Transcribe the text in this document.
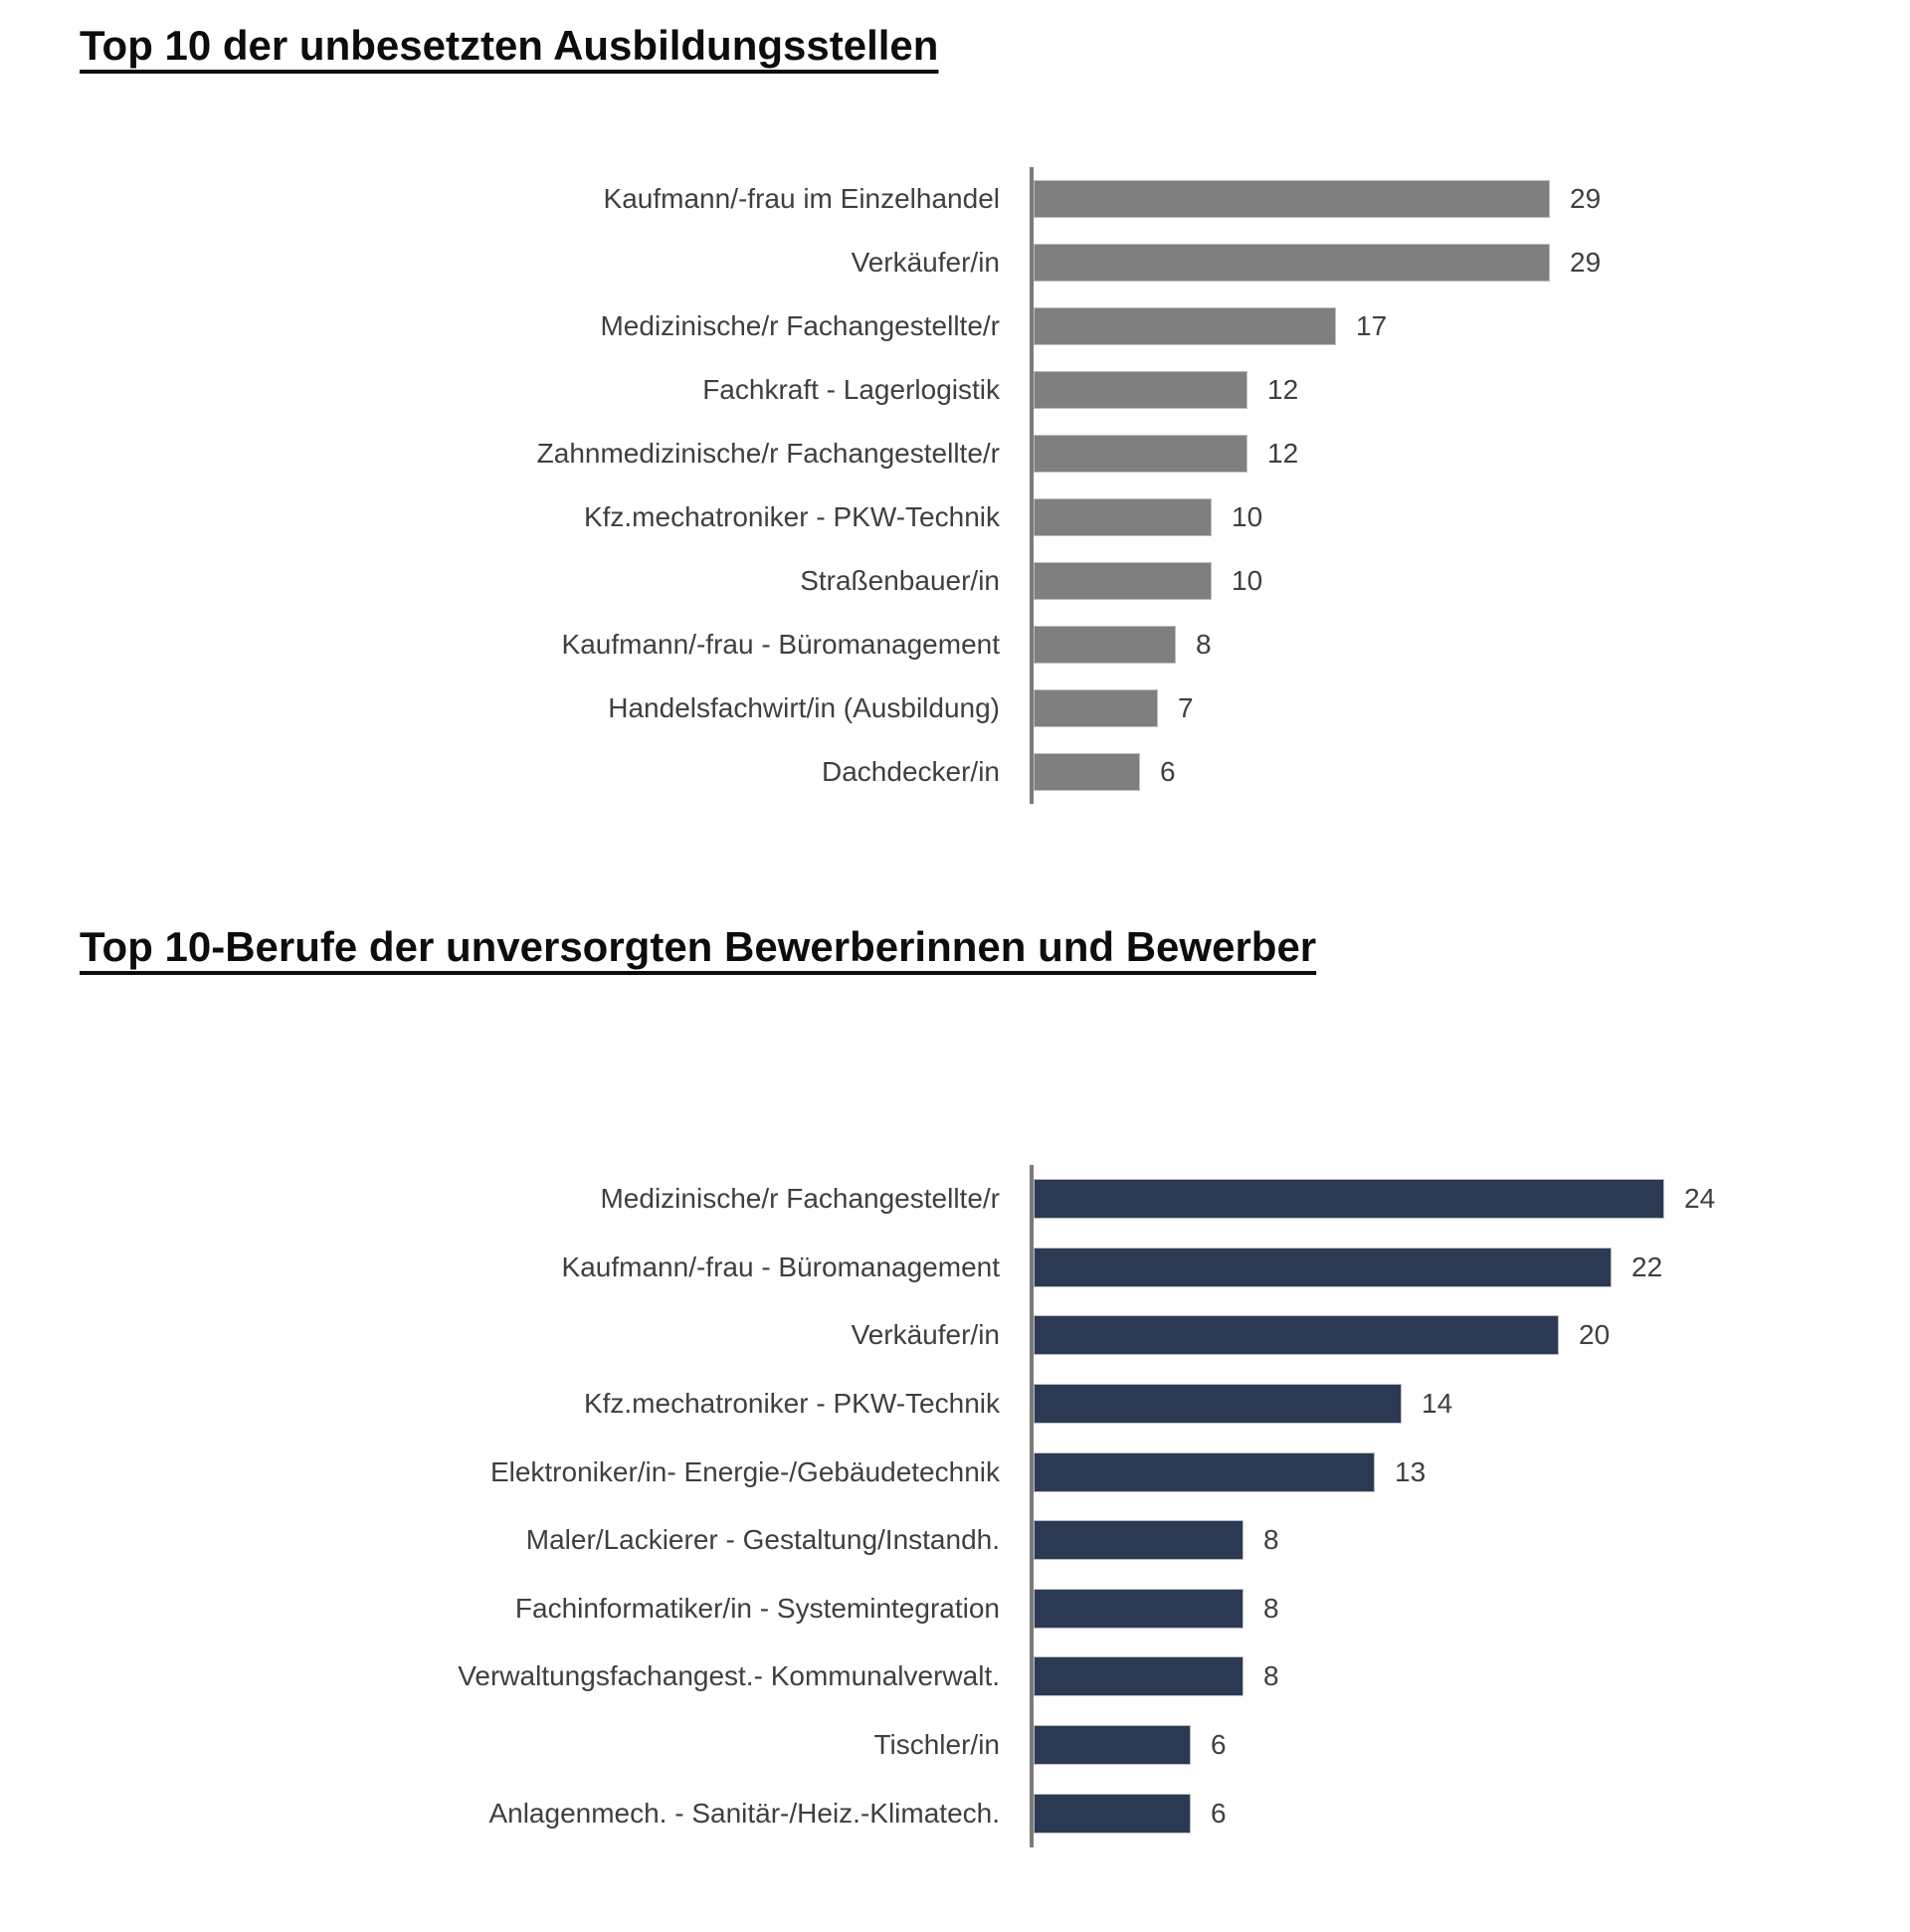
Top 10 der unbesetzten Ausbildungsstellen
Kaufmann/-frau im Einzelhandel	29
Verkäufer/in	29
Medizinische/r Fachangestellte/r	17
Fachkraft - Lagerlogistik	12
Zahnmedizinische/r Fachangestellte/r	12
Kfz.mechatroniker - PKW-Technik	10
Straßenbauer/in	10
Kaufmann/-frau - Büromanagement	8
Handelsfachwirt/in (Ausbildung)	7
Dachdecker/in	6
Top 10-Berufe der unversorgten Bewerberinnen und Bewerber
Medizinische/r Fachangestellte/r	24
Kaufmann/-frau - Büromanagement	22
Verkäufer/in	20
Kfz.mechatroniker - PKW-Technik	14
Elektroniker/in- Energie-/Gebäudetechnik	13
Maler/Lackierer - Gestaltung/Instandh.	8
Fachinformatiker/in - Systemintegration	8
Verwaltungsfachangest.- Kommunalverwalt.	8
Tischler/in	6
Anlagenmech. - Sanitär-/Heiz.-Klimatech.	6
